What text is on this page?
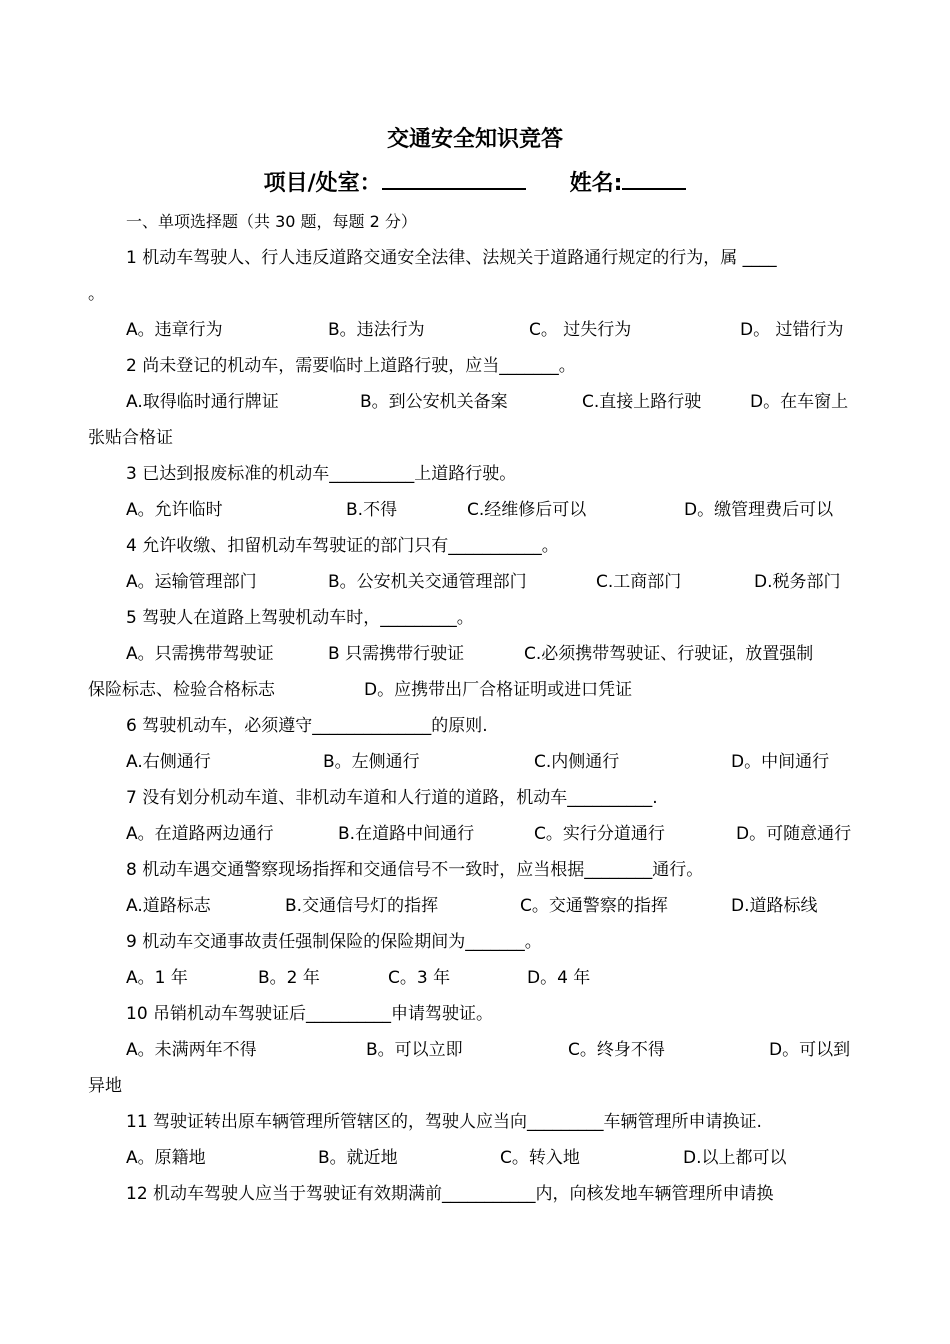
交通安全知识竞答
项目/处室：	姓名:
一、单项选择题（共 30 题，每题 2 分）
1 机动车驾驶人、行人违反道路交通安全法律、法规关于道路通行规定的行为，属 ____
。
A。违章行为	B。违法行为	C。 过失行为	D。 过错行为
2 尚未登记的机动车，需要临时上道路行驶，应当_______。
A.取得临时通行牌证	B。到公安机关备案	C.直接上路行驶	D。在车窗上
张贴合格证
3 已达到报废标准的机动车__________上道路行驶。
A。允许临时	B.不得	C.经维修后可以	D。缴管理费后可以
4 允许收缴、扣留机动车驾驶证的部门只有___________。
A。运输管理部门	B。公安机关交通管理部门	C.工商部门	D.税务部门
5 驾驶人在道路上驾驶机动车时，_________。
A。只需携带驾驶证	B 只需携带行驶证	C.必须携带驾驶证、行驶证，放置强制
保险标志、检验合格标志	D。应携带出厂合格证明或进口凭证
6 驾驶机动车，必须遵守______________的原则.
A.右侧通行	B。左侧通行	C.内侧通行	D。中间通行
7 没有划分机动车道、非机动车道和人行道的道路，机动车__________.
A。在道路两边通行	B.在道路中间通行	C。实行分道通行	D。可随意通行
8 机动车遇交通警察现场指挥和交通信号不一致时，应当根据________通行。
A.道路标志	B.交通信号灯的指挥	C。交通警察的指挥	D.道路标线
9 机动车交通事故责任强制保险的保险期间为_______。
A。1 年	B。2 年	C。3 年	D。4 年
10 吊销机动车驾驶证后__________申请驾驶证。
A。未满两年不得	B。可以立即	C。终身不得	D。可以到
异地
11 驾驶证转出原车辆管理所管辖区的，驾驶人应当向_________车辆管理所申请换证.
A。原籍地	B。就近地	C。转入地	D.以上都可以
12 机动车驾驶人应当于驾驶证有效期满前___________内，向核发地车辆管理所申请换
